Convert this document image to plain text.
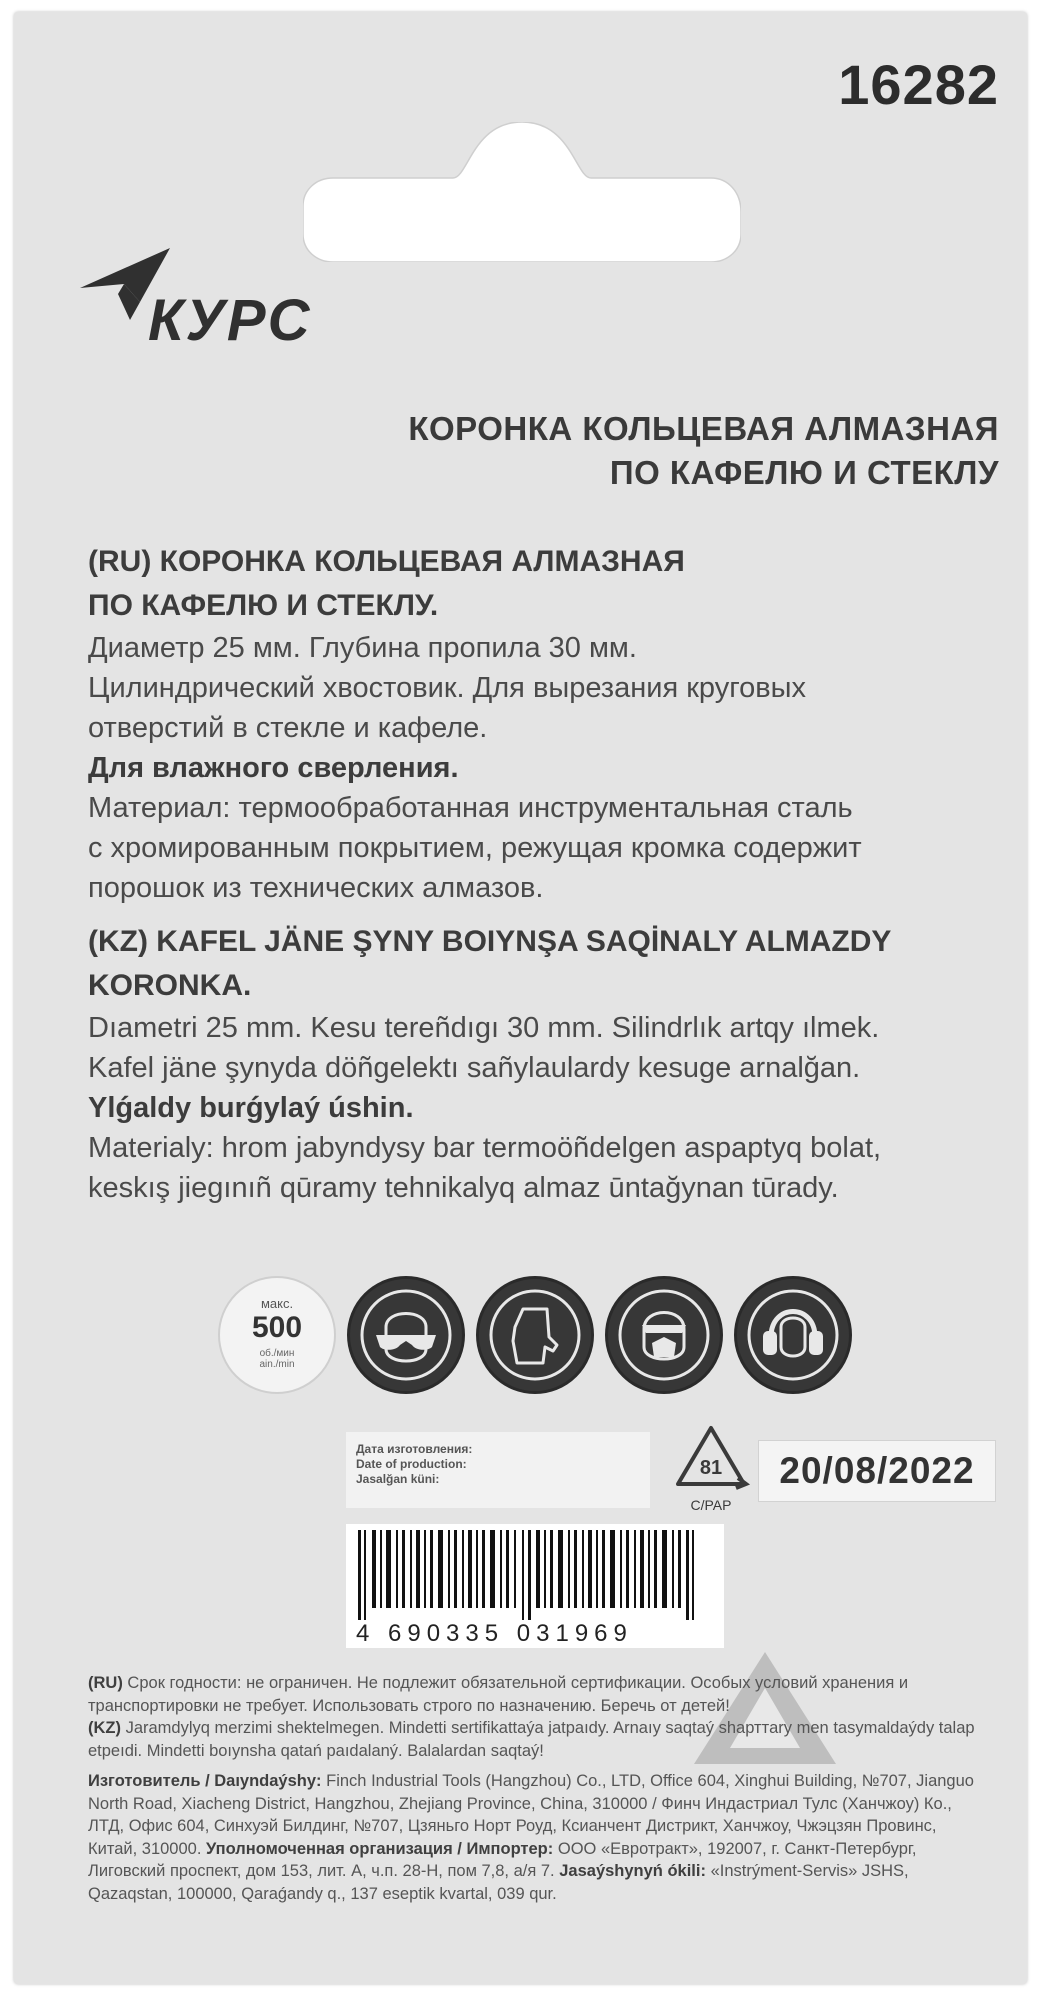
16282
КУРС
КОРОНКА КОЛЬЦЕВАЯ АЛМАЗНАЯ
ПО КАФЕЛЮ И СТЕКЛУ

(RU) КОРОНКА КОЛЬЦЕВАЯ АЛМАЗНАЯ

ПО КАФЕЛЮ И СТЕКЛУ.

Диаметр 25 мм. Глубина пропила 30 мм.

Цилиндрический хвостовик. Для вырезания круговых

отверстий в стекле и кафеле.

Для влажного сверления.

Материал: термообработанная инструментальная сталь

с хромированным покрытием, режущая кромка содержит

порошок из технических алмазов.

(KZ) KAFEL JÄNE ŞYNY BOIYNŞA SAQİNALY ALMAZDY

KORONKA.

Dıametri 25 mm. Kesu tereñdıgı 30 mm. Silindrlık artqy ılmek.

Kafel jäne şynyda döñgelektı sañylaulardy kesuge arnalğan.

Ylǵaldy burǵylaý úshin.

Materialy: hrom jabyndysy bar termoöñdelgen aspaptyq bolat,

keskış jiegınıñ qūramy tehnikalyq almaz ūntağynan tūrady.

макс.
500
об./мин
ain./min
Дата изготовления:
Date of production:
Jasalğan küni:	81
C/PAP
20/08/2022
4 690335 031969

(RU) Срок годности: не ограничен. Не подлежит обязательной сертификации. Особых условий хранения и транспортировки не требует. Использовать строго по назначению. Беречь от детей!

(KZ) Jaramdylyq merzimi shektelmegen. Mindetti sertifikattaýa jatpaıdy. Arnaıy saqtaý shарттary men tasymaldaýdy talap etpeıdi. Mindetti boıynsha qatań paıdalaný. Balalardan saqtaý!

Изготовитель / Daıyndaýshy: Finch Industrial Tools (Hangzhou) Co., LTD, Office 604, Xinghui Building, №707, Jianguo North Road, Xiacheng District, Hangzhou, Zhejiang Province, China, 310000 / Финч Индастриал Тулс (Ханчжоу) Ко., ЛТД, Офис 604, Синхуэй Билдинг, №707, Цзяньго Норт Роуд, Ксианчент Дистрикт, Ханчжоу, Чжэцзян Провинс, Китай, 310000. Уполномоченная организация / Импортер: ООО «Евротракт», 192007, г. Санкт-Петербург, Лиговский проспект, дом 153, лит. А, ч.п. 28-Н, пом 7,8, а/я 7. Jasaýshynyń ókili: «Instrýment-Servis» JSHS, Qazaqstan, 100000, Qaraǵandy q., 137 eseptik kvartal, 039 qur.
